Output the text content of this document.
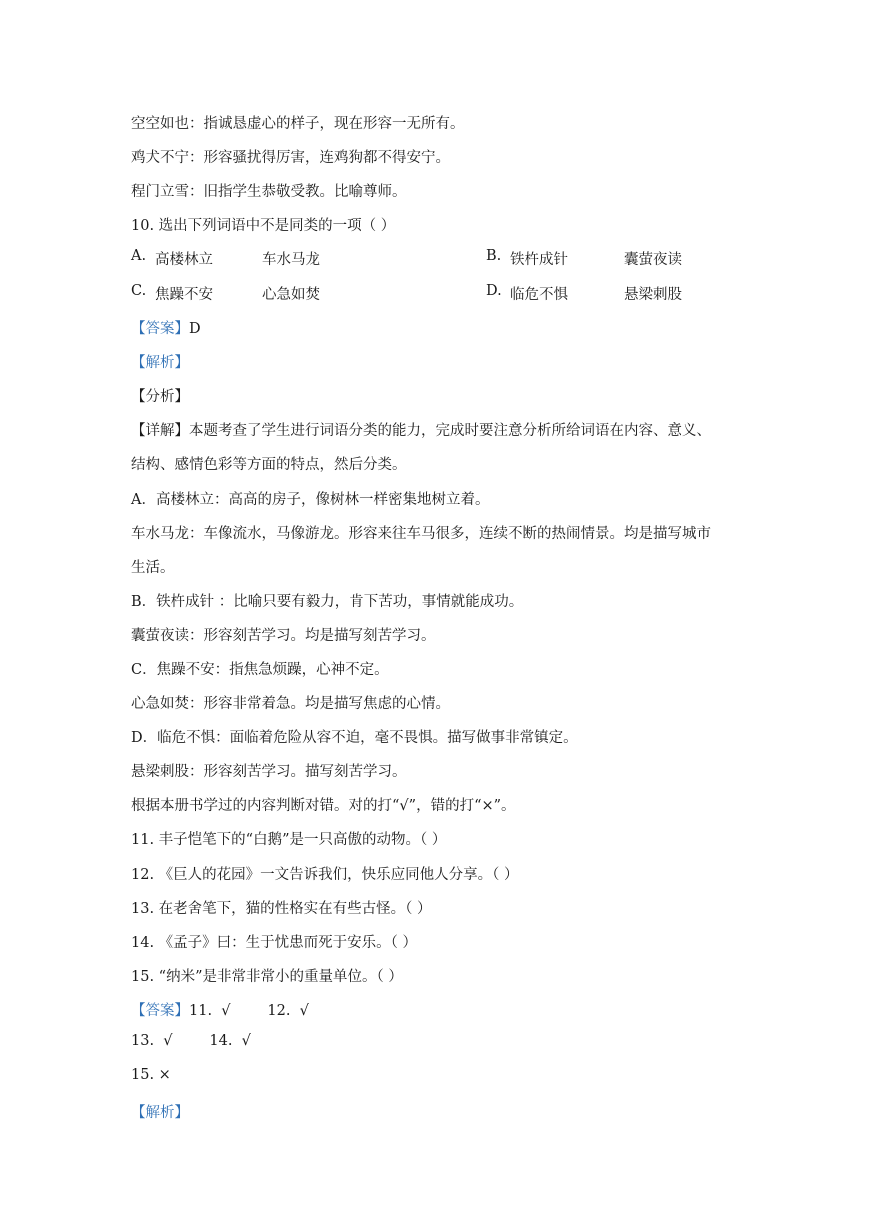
空空如也：指诚恳虚心的样子，现在形容一无所有。
鸡犬不宁：形容骚扰得厉害，连鸡狗都不得安宁。
程门立雪：旧指学生恭敬受教。比喻尊师。
10. 选出下列词语中不是同类的一项（ ）
A. 高楼林立	车水马龙	B. 铁杵成针	囊萤夜读
C. 焦躁不安	心急如焚	D. 临危不惧	悬梁刺股
【答案】D
【解析】
【分析】
【详解】本题考查了学生进行词语分类的能力，完成时要注意分析所给词语在内容、意义、
结构、感情色彩等方面的特点，然后分类。
A．高楼林立：高高的房子，像树林一样密集地树立着。
车水马龙：车像流水，马像游龙。形容来往车马很多，连续不断的热闹情景。均是描写城市
生活。
B．铁杵成针 ：比喻只要有毅力，肯下苦功，事情就能成功。
囊萤夜读：形容刻苦学习。均是描写刻苦学习。
C．焦躁不安：指焦急烦躁，心神不定。
心急如焚：形容非常着急。均是描写焦虑的心情。
D．临危不惧：面临着危险从容不迫，毫不畏惧。描写做事非常镇定。
悬梁刺股：形容刻苦学习。描写刻苦学习。
根据本册书学过的内容判断对错。对的打“√”，错的打“×”。
11. 丰子恺笔下的“白鹅”是一只高傲的动物。（ ）
12. 《巨人的花园》一文告诉我们，快乐应同他人分享。（ ）
13. 在老舍笔下，猫的性格实在有些古怪。（ ）
14. 《孟子》曰：生于忧患而死于安乐。（ ）
15. “纳米”是非常非常小的重量单位。（ ）
【答案】11.  √        12.  √
13.  √        14.  √
15. ×
【解析】
